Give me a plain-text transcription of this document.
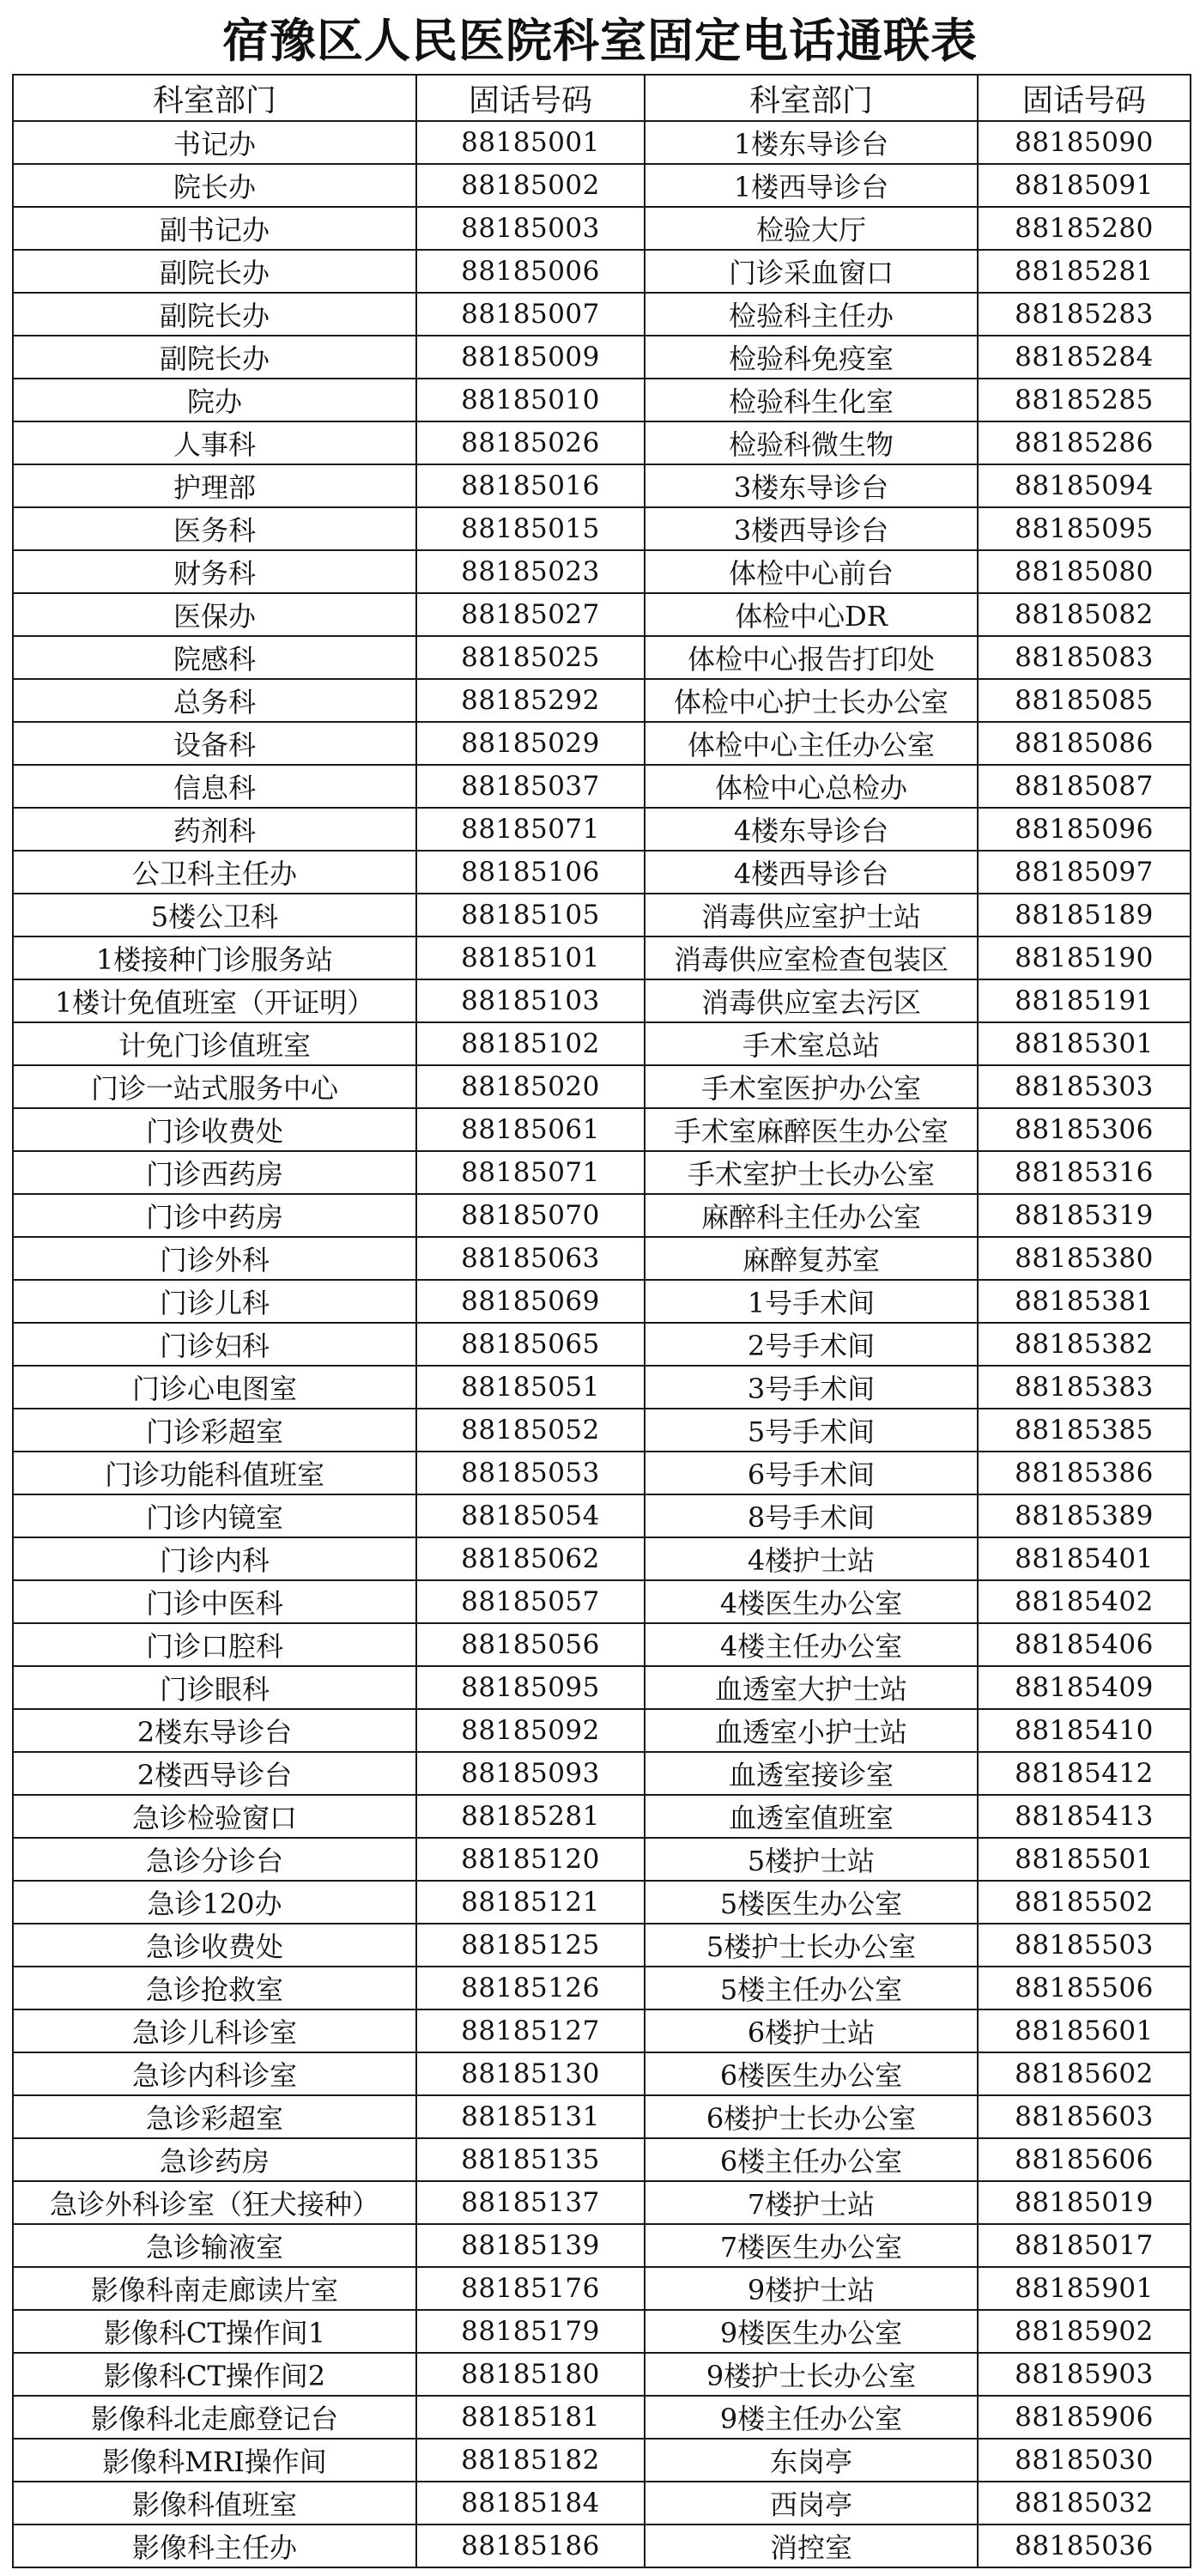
宿豫区人民医院科室固定电话通联表
科室部门	固话号码	科室部门	固话号码
书记办	88185001	1楼东导诊台	88185090
院长办	88185002	1楼西导诊台	88185091
副书记办	88185003	检验大厅	88185280
副院长办	88185006	门诊采血窗口	88185281
副院长办	88185007	检验科主任办	88185283
副院长办	88185009	检验科免疫室	88185284
院办	88185010	检验科生化室	88185285
人事科	88185026	检验科微生物	88185286
护理部	88185016	3楼东导诊台	88185094
医务科	88185015	3楼西导诊台	88185095
财务科	88185023	体检中心前台	88185080
医保办	88185027	体检中心DR	88185082
院感科	88185025	体检中心报告打印处	88185083
总务科	88185292	体检中心护士长办公室	88185085
设备科	88185029	体检中心主任办公室	88185086
信息科	88185037	体检中心总检办	88185087
药剂科	88185071	4楼东导诊台	88185096
公卫科主任办	88185106	4楼西导诊台	88185097
5楼公卫科	88185105	消毒供应室护士站	88185189
1楼接种门诊服务站	88185101	消毒供应室检查包装区	88185190
1楼计免值班室（开证明）	88185103	消毒供应室去污区	88185191
计免门诊值班室	88185102	手术室总站	88185301
门诊一站式服务中心	88185020	手术室医护办公室	88185303
门诊收费处	88185061	手术室麻醉医生办公室	88185306
门诊西药房	88185071	手术室护士长办公室	88185316
门诊中药房	88185070	麻醉科主任办公室	88185319
门诊外科	88185063	麻醉复苏室	88185380
门诊儿科	88185069	1号手术间	88185381
门诊妇科	88185065	2号手术间	88185382
门诊心电图室	88185051	3号手术间	88185383
门诊彩超室	88185052	5号手术间	88185385
门诊功能科值班室	88185053	6号手术间	88185386
门诊内镜室	88185054	8号手术间	88185389
门诊内科	88185062	4楼护士站	88185401
门诊中医科	88185057	4楼医生办公室	88185402
门诊口腔科	88185056	4楼主任办公室	88185406
门诊眼科	88185095	血透室大护士站	88185409
2楼东导诊台	88185092	血透室小护士站	88185410
2楼西导诊台	88185093	血透室接诊室	88185412
急诊检验窗口	88185281	血透室值班室	88185413
急诊分诊台	88185120	5楼护士站	88185501
急诊120办	88185121	5楼医生办公室	88185502
急诊收费处	88185125	5楼护士长办公室	88185503
急诊抢救室	88185126	5楼主任办公室	88185506
急诊儿科诊室	88185127	6楼护士站	88185601
急诊内科诊室	88185130	6楼医生办公室	88185602
急诊彩超室	88185131	6楼护士长办公室	88185603
急诊药房	88185135	6楼主任办公室	88185606
急诊外科诊室（狂犬接种）	88185137	7楼护士站	88185019
急诊输液室	88185139	7楼医生办公室	88185017
影像科南走廊读片室	88185176	9楼护士站	88185901
影像科CT操作间1	88185179	9楼医生办公室	88185902
影像科CT操作间2	88185180	9楼护士长办公室	88185903
影像科北走廊登记台	88185181	9楼主任办公室	88185906
影像科MRI操作间	88185182	东岗亭	88185030
影像科值班室	88185184	西岗亭	88185032
影像科主任办	88185186	消控室	88185036
